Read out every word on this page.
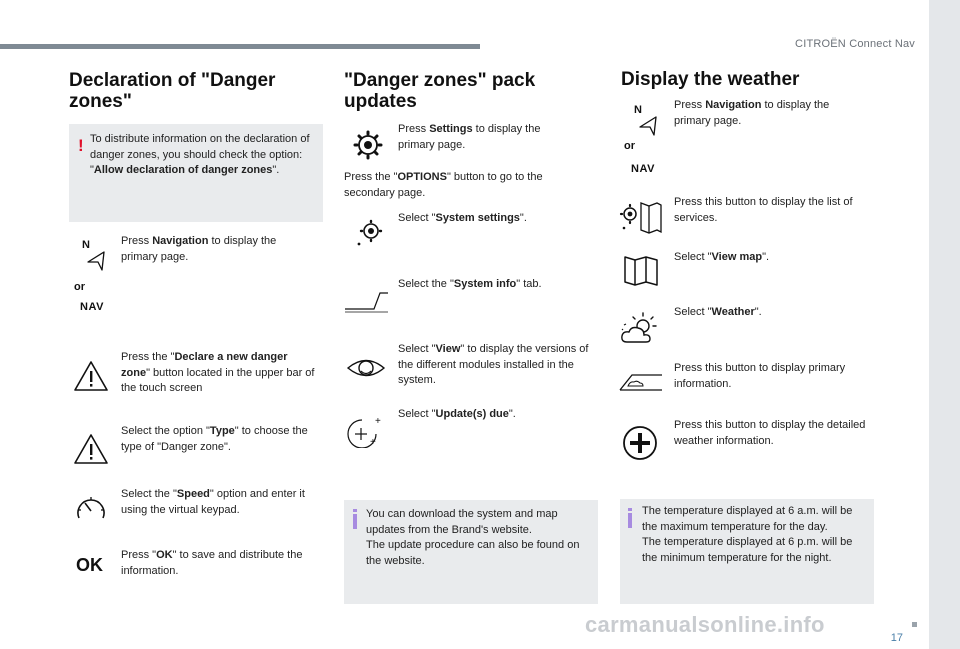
CITROËN Connect Nav
Declaration of "Danger
zones"
! To distribute information on the declaration of danger zones, you should check the option: "Allow declaration of danger zones".
N
or
NAV
Press Navigation to display the primary page.
Press the "Declare a new danger zone" button located in the upper bar of the touch screen
Select the option "Type" to choose the type of "Danger zone".
Select the "Speed" option and enter it using the virtual keypad.
OK Press "OK" to save and distribute the information.
"Danger zones" pack
updates
Press Settings to display the primary page.
Press the "OPTIONS" button to go to the secondary page.
Select "System settings".
Select the "System info" tab.
Select "View" to display the versions of the different modules installed in the system.
+
+
Select "Update(s) due".
You can download the system and map updates from the Brand's website.
The update procedure can also be found on the website.
Display the weather
N
or
NAV
Press Navigation to display the primary page.
Press this button to display the list of services.
Select "View map".
Select "Weather".
Press this button to display primary information.
Press this button to display the detailed weather information.
The temperature displayed at 6 a.m. will be the maximum temperature for the day.
The temperature displayed at 6 p.m. will be the minimum temperature for the night.
17
carmanualsonline.info
